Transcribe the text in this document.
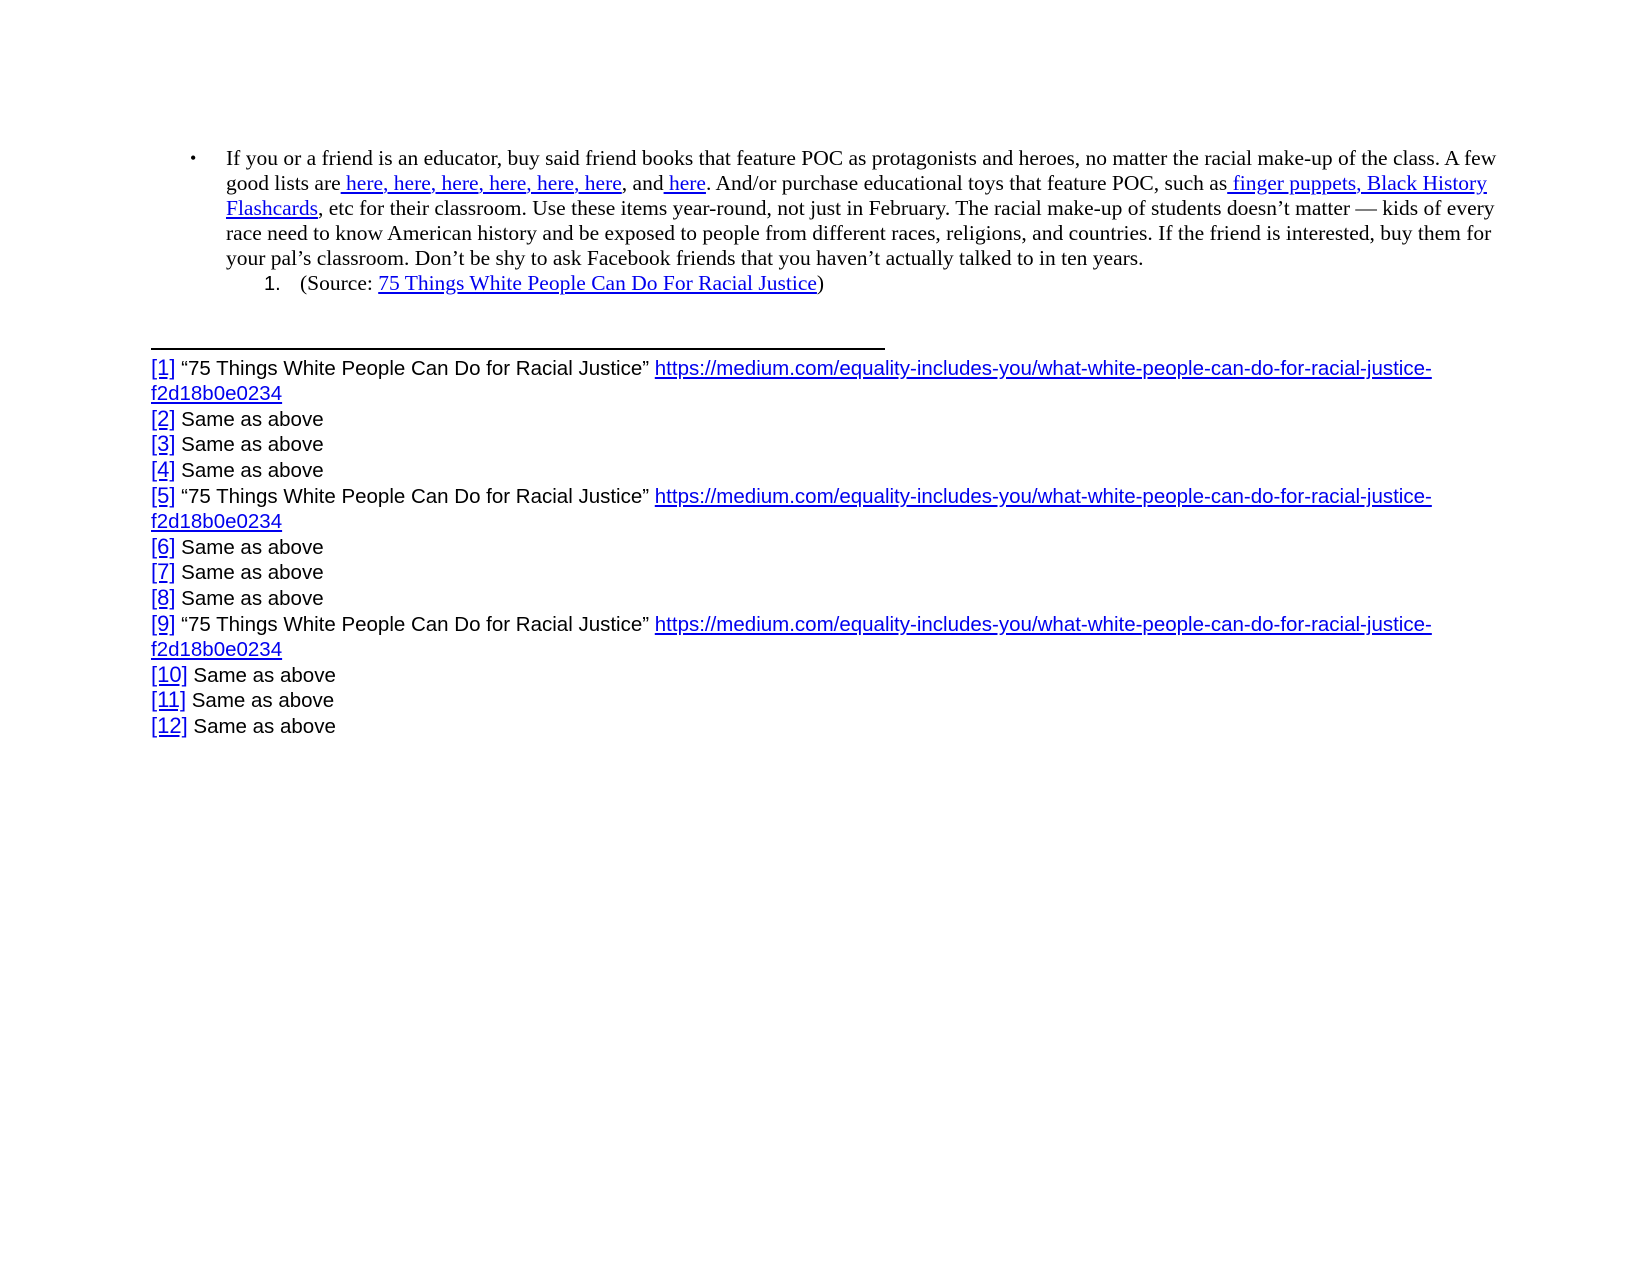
• If you or a friend is an educator, buy said friend books that feature POC as protagonists and heroes, no matter the racial make-up of the class. A few good lists are here, here, here, here, here, here, and here. And/or purchase educational toys that feature POC, such as finger puppets, Black History Flashcards, etc for their classroom. Use these items year-round, not just in February. The racial make-up of students doesn’t matter — kids of every race need to know American history and be exposed to people from different races, religions, and countries. If the friend is interested, buy them for your pal’s classroom. Don’t be shy to ask Facebook friends that you haven’t actually talked to in ten years.
1. (Source: 75 Things White People Can Do For Racial Justice)

[1] “75 Things White People Can Do for Racial Justice” https://medium.com/equality-includes-you/what-white-people-can-do-for-racial-justice-f2d18b0e0234

[2] Same as above

[3] Same as above

[4] Same as above

[5] “75 Things White People Can Do for Racial Justice” https://medium.com/equality-includes-you/what-white-people-can-do-for-racial-justice-f2d18b0e0234

[6] Same as above

[7] Same as above

[8] Same as above

[9] “75 Things White People Can Do for Racial Justice” https://medium.com/equality-includes-you/what-white-people-can-do-for-racial-justice-f2d18b0e0234

[10] Same as above

[11] Same as above

[12] Same as above
